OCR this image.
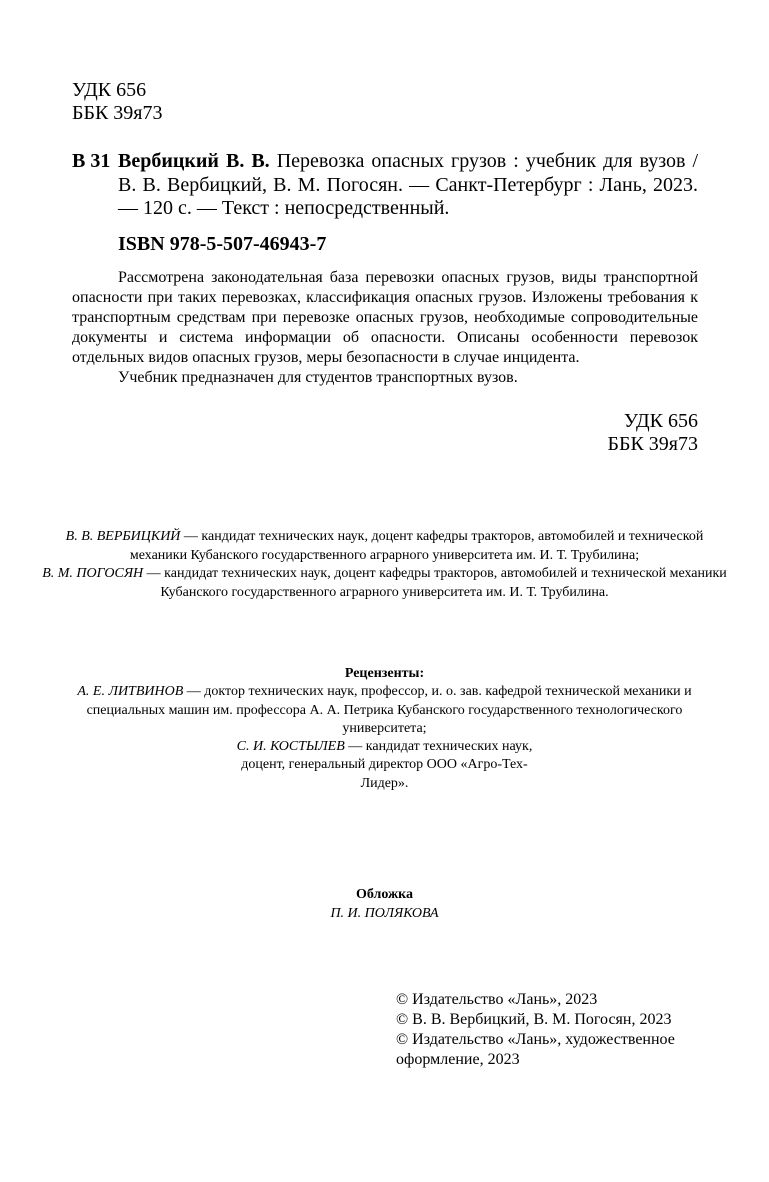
УДК 656
ББК 39я73
В 31 Вербицкий В. В. Перевозка опасных грузов : учебник для вузов / В. В. Вербицкий, В. М. Погосян. — Санкт-Петербург : Лань, 2023. — 120 с. — Текст : непосредственный.
ISBN 978-5-507-46943-7

Рассмотрена законодательная база перевозки опасных грузов, виды транспортной опасности при таких перевозках, классификация опасных грузов. Изложены требования к транспортным средствам при перевозке опасных грузов, необходимые сопроводительные документы и система информации об опасности. Описаны особенности перевозок отдельных видов опасных грузов, меры безопасности в случае инцидента.

Учебник предназначен для студентов транспортных вузов.

УДК 656
ББК 39я73
В. В. ВЕРБИЦКИЙ — кандидат технических наук, доцент кафедры тракторов, автомобилей и технической механики Кубанского государственного аграрного университета им. И. Т. Трубилина;
В. М. ПОГОСЯН — кандидат технических наук, доцент кафедры тракторов, автомобилей и технической механики Кубанского государственного аграрного университета им. И. Т. Трубилина.
Рецензенты:
А. Е. ЛИТВИНОВ — доктор технических наук, профессор, и. о. зав. кафедрой технической механики и специальных машин им. профессора А. А. Петрика Кубанского государственного технологического университета;
С. И. КОСТЫЛЕВ — кандидат технических наук, доцент, генеральный директор ООО «Агро-Тех-Лидер».
Обложка
П. И. ПОЛЯКОВА
© Издательство «Лань», 2023
© В. В. Вербицкий, В. М. Погосян, 2023
© Издательство «Лань», художественное
оформление, 2023
